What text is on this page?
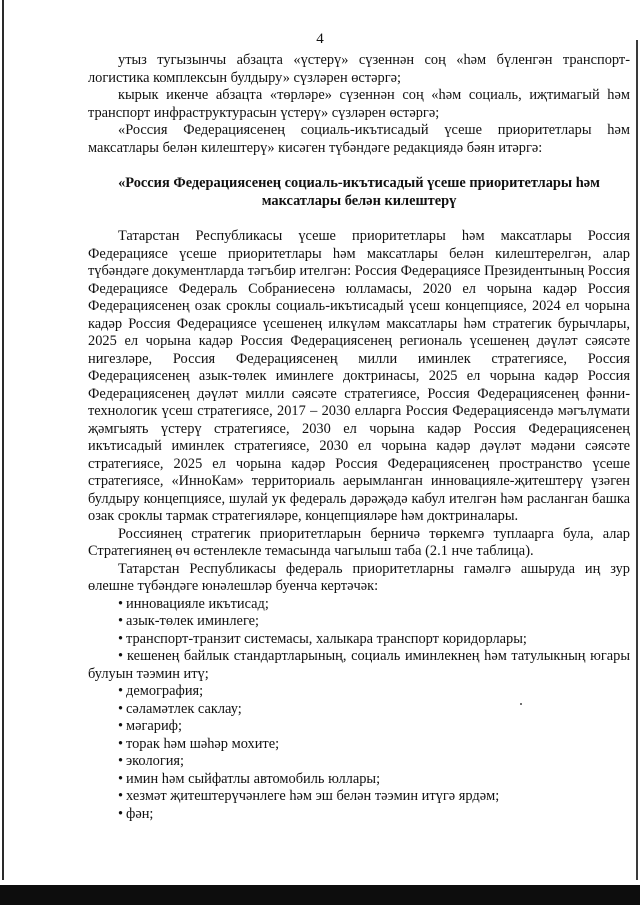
4

утыз тугызынчы абзацта «үстерү» сүзеннән соң «һәм бүленгән транспорт-логистика комплексын булдыру» сүзләрен өстәргә;

кырык икенче абзацта «төрләре» сүзеннән соң «һәм социаль, иҗтимагый һәм транспорт инфраструктурасын үстерү» сүзләрен өстәргә;

«Россия Федерациясенең социаль-икътисадый үсеше приоритетлары һәм максатлары белән килештерү» кисәген түбәндәге редакциядә бәян итәргә:

«Россия Федерациясенең социаль-икътисадый үсеше приоритетлары һәм максатлары белән килештерү

Татарстан Республикасы үсеше приоритетлары һәм максатлары Россия Федерациясе үсеше приоритетлары һәм максатлары белән килештерелгән, алар түбәндәге документларда тәгъбир ителгән: Россия Федерациясе Президентының Россия Федерациясе Федераль Собраниесенә юлламасы, 2020 ел чорына кадәр Россия Федерациясенең озак сроклы социаль-икътисадый үсеш концепциясе, 2024 ел чорына кадәр Россия Федерациясе үсешенең илкүләм максатлары һәм стратегик бурычлары, 2025 ел чорына кадәр Россия Федерациясенең региональ үсешенең дәүләт сәясәте нигезләре, Россия Федерациясенең милли иминлек стратегиясе, Россия Федерациясенең азык-төлек иминлеге доктринасы, 2025 ел чорына кадәр Россия Федерациясенең дәүләт милли сәясәте стратегиясе, Россия Федерациясенең фәнни-технологик үсеш стратегиясе, 2017 – 2030 елларга Россия Федерациясендә мәгълүмати җәмгыять үстерү стратегиясе, 2030 ел чорына кадәр Россия Федерациясенең икътисадый иминлек стратегиясе, 2030 ел чорына кадәр дәүләт мәдәни сәясәте стратегиясе, 2025 ел чорына кадәр Россия Федерациясенең пространство үсеше стратегиясе, «ИнноКам» территориаль аерымланган инновацияле-җитештерү үзәген булдыру концепциясе, шулай ук федераль дәрәҗәдә кабул ителгән һәм расланган башка озак сроклы тармак стратегияләре, концепцияләре һәм доктриналары.

Россиянең стратегик приоритетларын берничә төркемгә туплаарга була, алар Стратегиянең өч өстенлекле темасында чагылыш таба (2.1 нче таблица).

Татарстан Республикасы федераль приоритетларны гамәлгә ашыруда иң зур өлешне түбәндәге юнәлешләр буенча кертәчәк:

• инновацияле икътисад;
• азык-төлек иминлеге;
• транспорт-транзит системасы, халыкара транспорт коридорлары;
• кешенең байлык стандартларының, социаль иминлекнең һәм татулыкның югары булуын тәэмин итү;
• демография;
• сәламәтлек саклау;
• мәгариф;
• торак һәм шәһәр мохите;
• экология;
• имин һәм сыйфатлы автомобиль юллары;
• хезмәт җитештерүчәнлеге һәм эш белән тәэмин итүгә ярдәм;
• фән;
